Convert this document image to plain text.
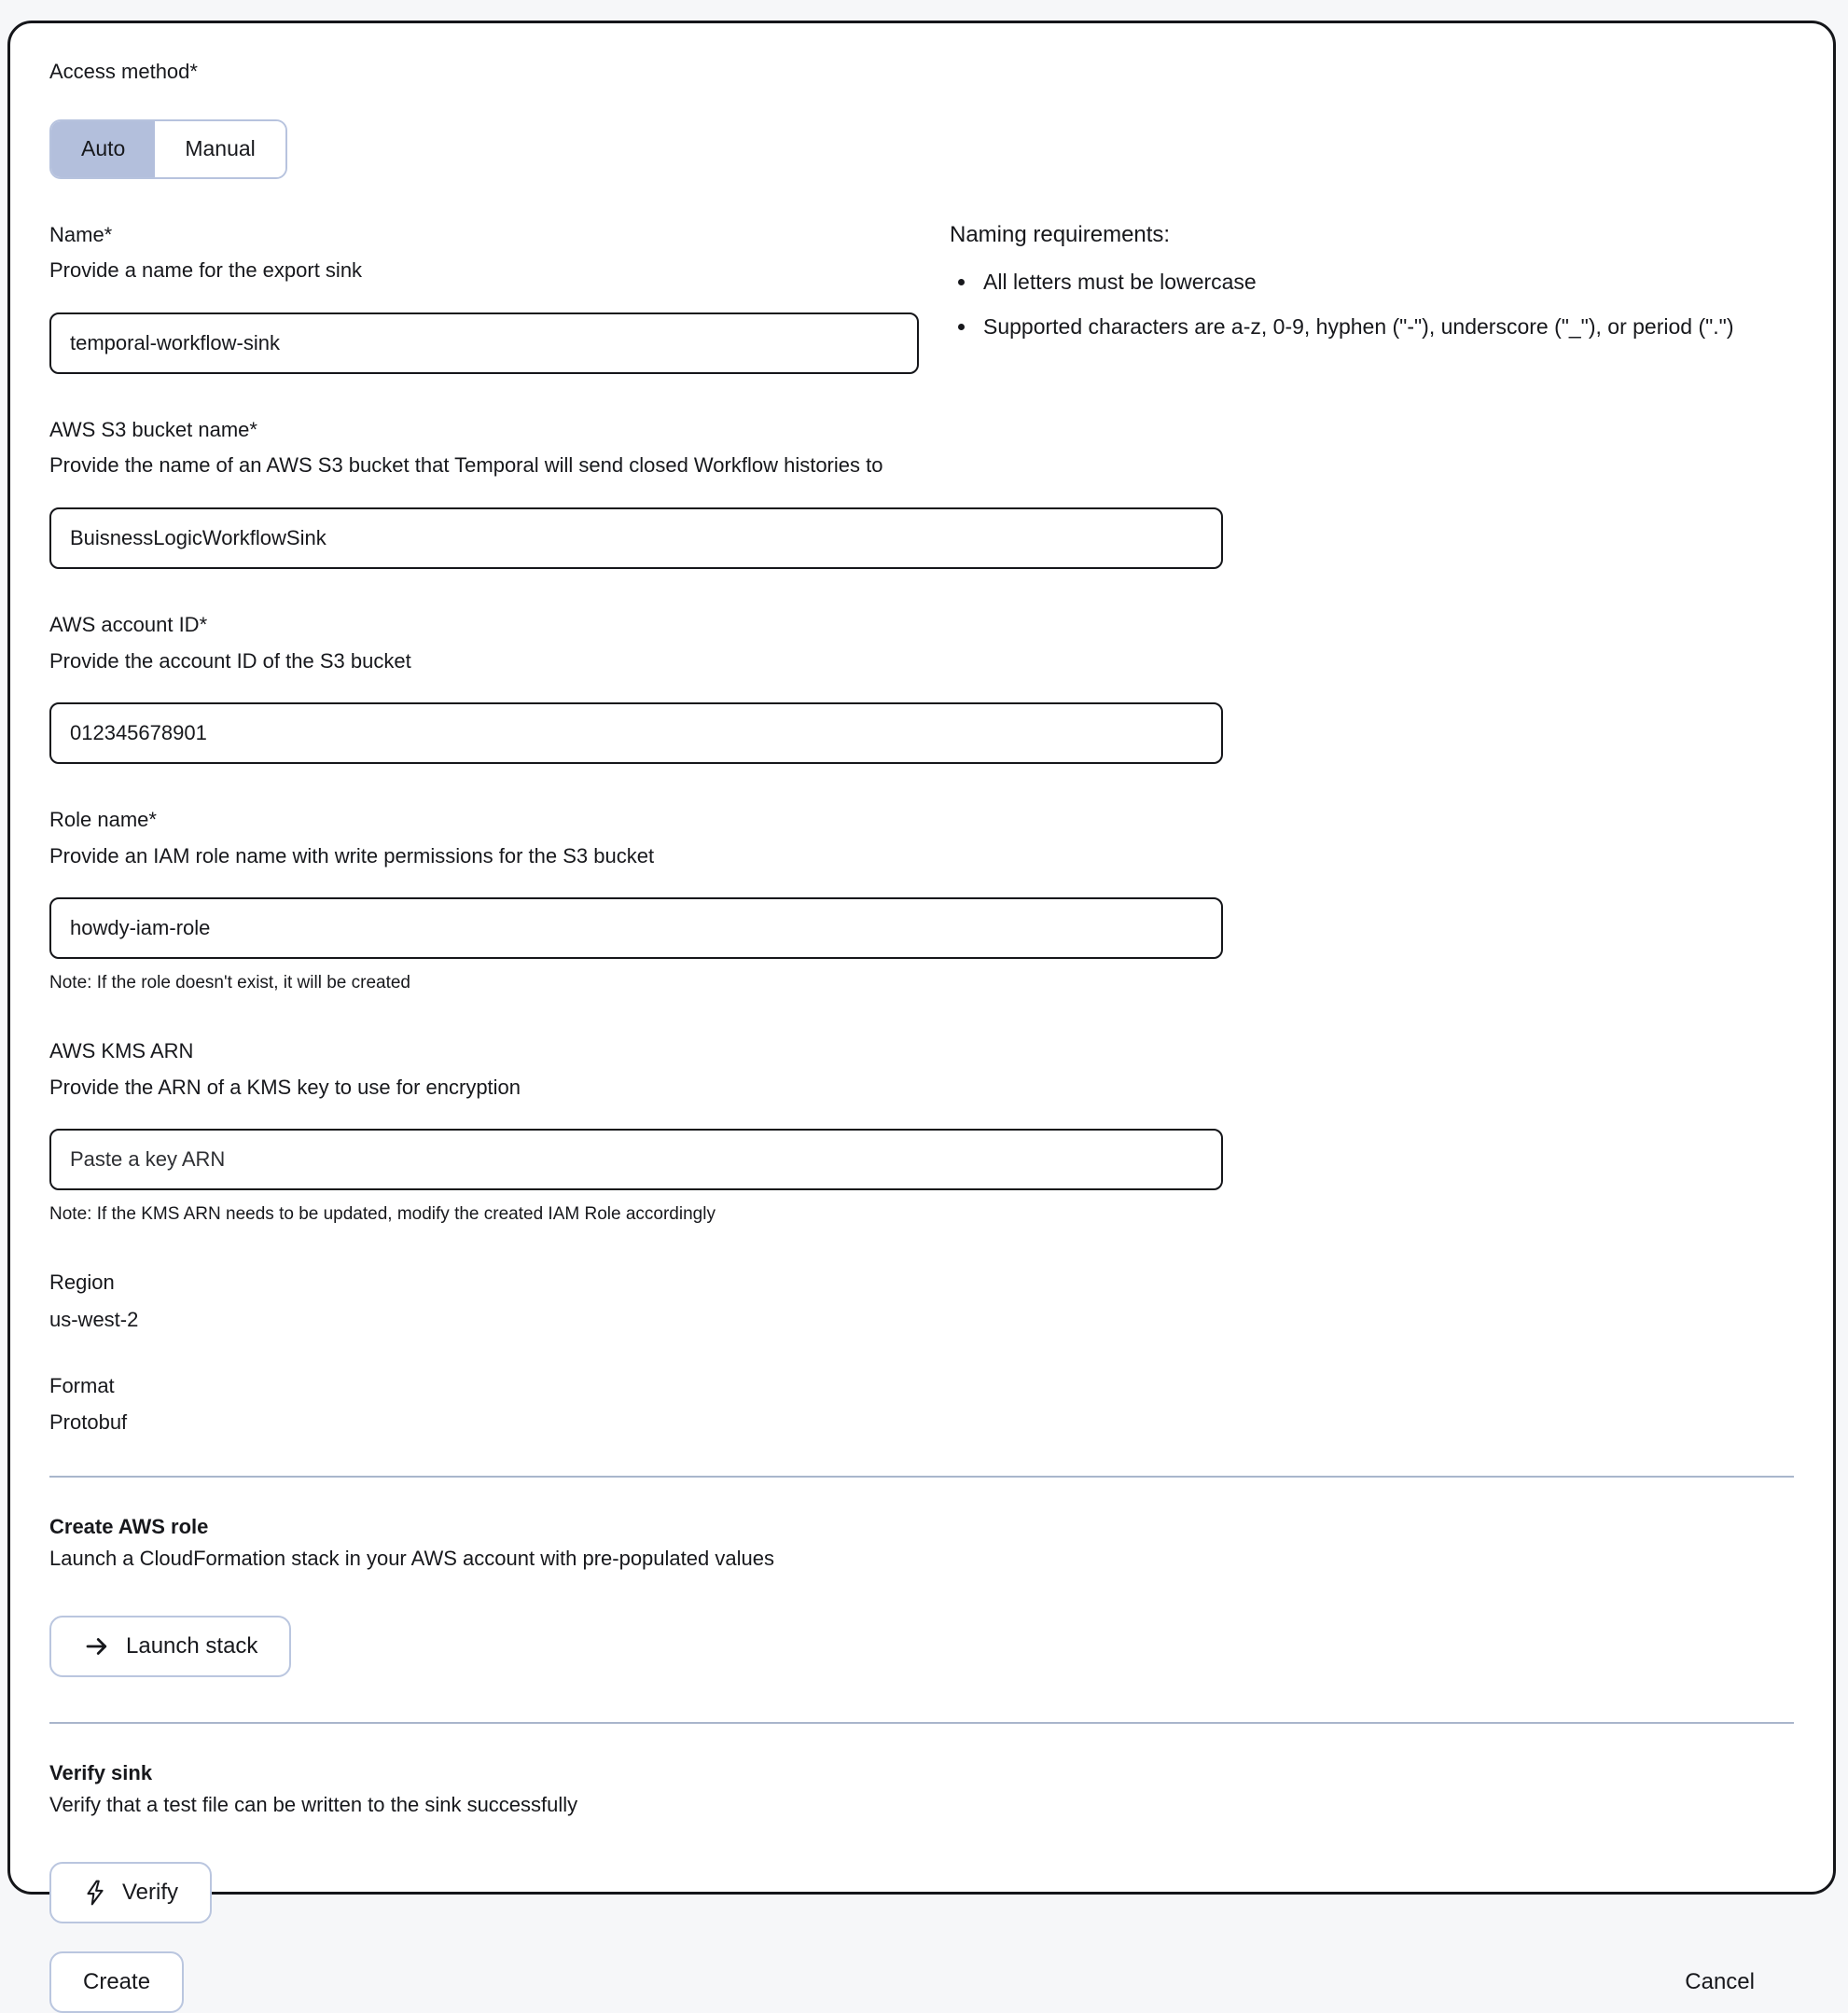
Access method*

Auto	Manual

Name*

Provide a name for the export sink

temporal-workflow-sink
Naming requirements:
• All letters must be lowercase
• Supported characters are a-z, 0-9, hyphen ("-"), underscore ("_"), or period (".")

AWS S3 bucket name*

Provide the name of an AWS S3 bucket that Temporal will send closed Workflow histories to

BuisnessLogicWorkflowSink

AWS account ID*

Provide the account ID of the S3 bucket

012345678901

Role name*

Provide an IAM role name with write permissions for the S3 bucket

howdy-iam-role

Note: If the role doesn't exist, it will be created

AWS KMS ARN

Provide the ARN of a KMS key to use for encryption

Paste a key ARN

Note: If the KMS ARN needs to be updated, modify the created IAM Role accordingly

Region

us-west-2

Format

Protobuf

Create AWS role

Launch a CloudFormation stack in your AWS account with pre-populated values

Launch stack

Verify sink

Verify that a test file can be written to the sink successfully

Verify
Create	Cancel
